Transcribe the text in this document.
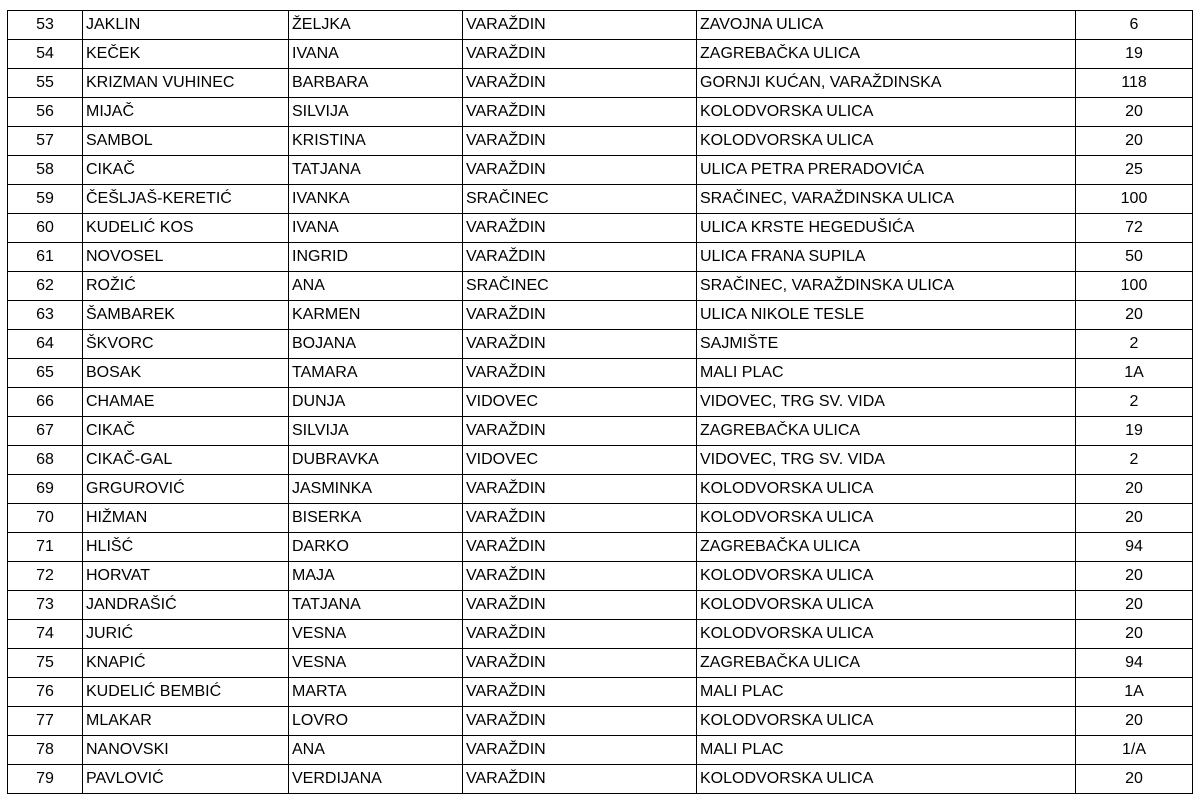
53	JAKLIN	ŽELJKA	VARAŽDIN	ZAVOJNA ULICA	6
54	KEČEK	IVANA	VARAŽDIN	ZAGREBAČKA ULICA	19
55	KRIZMAN VUHINEC	BARBARA	VARAŽDIN	GORNJI KUĆAN, VARAŽDINSKA	118
56	MIJAČ	SILVIJA	VARAŽDIN	KOLODVORSKA ULICA	20
57	SAMBOL	KRISTINA	VARAŽDIN	KOLODVORSKA ULICA	20
58	CIKAČ	TATJANA	VARAŽDIN	ULICA PETRA PRERADOVIĆA	25
59	ČEŠLJAŠ-KERETIĆ	IVANKA	SRAČINEC	SRAČINEC, VARAŽDINSKA ULICA	100
60	KUDELIĆ KOS	IVANA	VARAŽDIN	ULICA KRSTE HEGEDUŠIĆA	72
61	NOVOSEL	INGRID	VARAŽDIN	ULICA FRANA SUPILA	50
62	ROŽIĆ	ANA	SRAČINEC	SRAČINEC, VARAŽDINSKA ULICA	100
63	ŠAMBAREK	KARMEN	VARAŽDIN	ULICA NIKOLE TESLE	20
64	ŠKVORC	BOJANA	VARAŽDIN	SAJMIŠTE	2
65	BOSAK	TAMARA	VARAŽDIN	MALI PLAC	1A
66	CHAMAE	DUNJA	VIDOVEC	VIDOVEC, TRG SV. VIDA	2
67	CIKAČ	SILVIJA	VARAŽDIN	ZAGREBAČKA ULICA	19
68	CIKAČ-GAL	DUBRAVKA	VIDOVEC	VIDOVEC, TRG SV. VIDA	2
69	GRGUROVIĆ	JASMINKA	VARAŽDIN	KOLODVORSKA ULICA	20
70	HIŽMAN	BISERKA	VARAŽDIN	KOLODVORSKA ULICA	20
71	HLIŠĆ	DARKO	VARAŽDIN	ZAGREBAČKA ULICA	94
72	HORVAT	MAJA	VARAŽDIN	KOLODVORSKA ULICA	20
73	JANDRAŠIĆ	TATJANA	VARAŽDIN	KOLODVORSKA ULICA	20
74	JURIĆ	VESNA	VARAŽDIN	KOLODVORSKA ULICA	20
75	KNAPIĆ	VESNA	VARAŽDIN	ZAGREBAČKA ULICA	94
76	KUDELIĆ BEMBIĆ	MARTA	VARAŽDIN	MALI PLAC	1A
77	MLAKAR	LOVRO	VARAŽDIN	KOLODVORSKA ULICA	20
78	NANOVSKI	ANA	VARAŽDIN	MALI PLAC	1/A
79	PAVLOVIĆ	VERDIJANA	VARAŽDIN	KOLODVORSKA ULICA	20
